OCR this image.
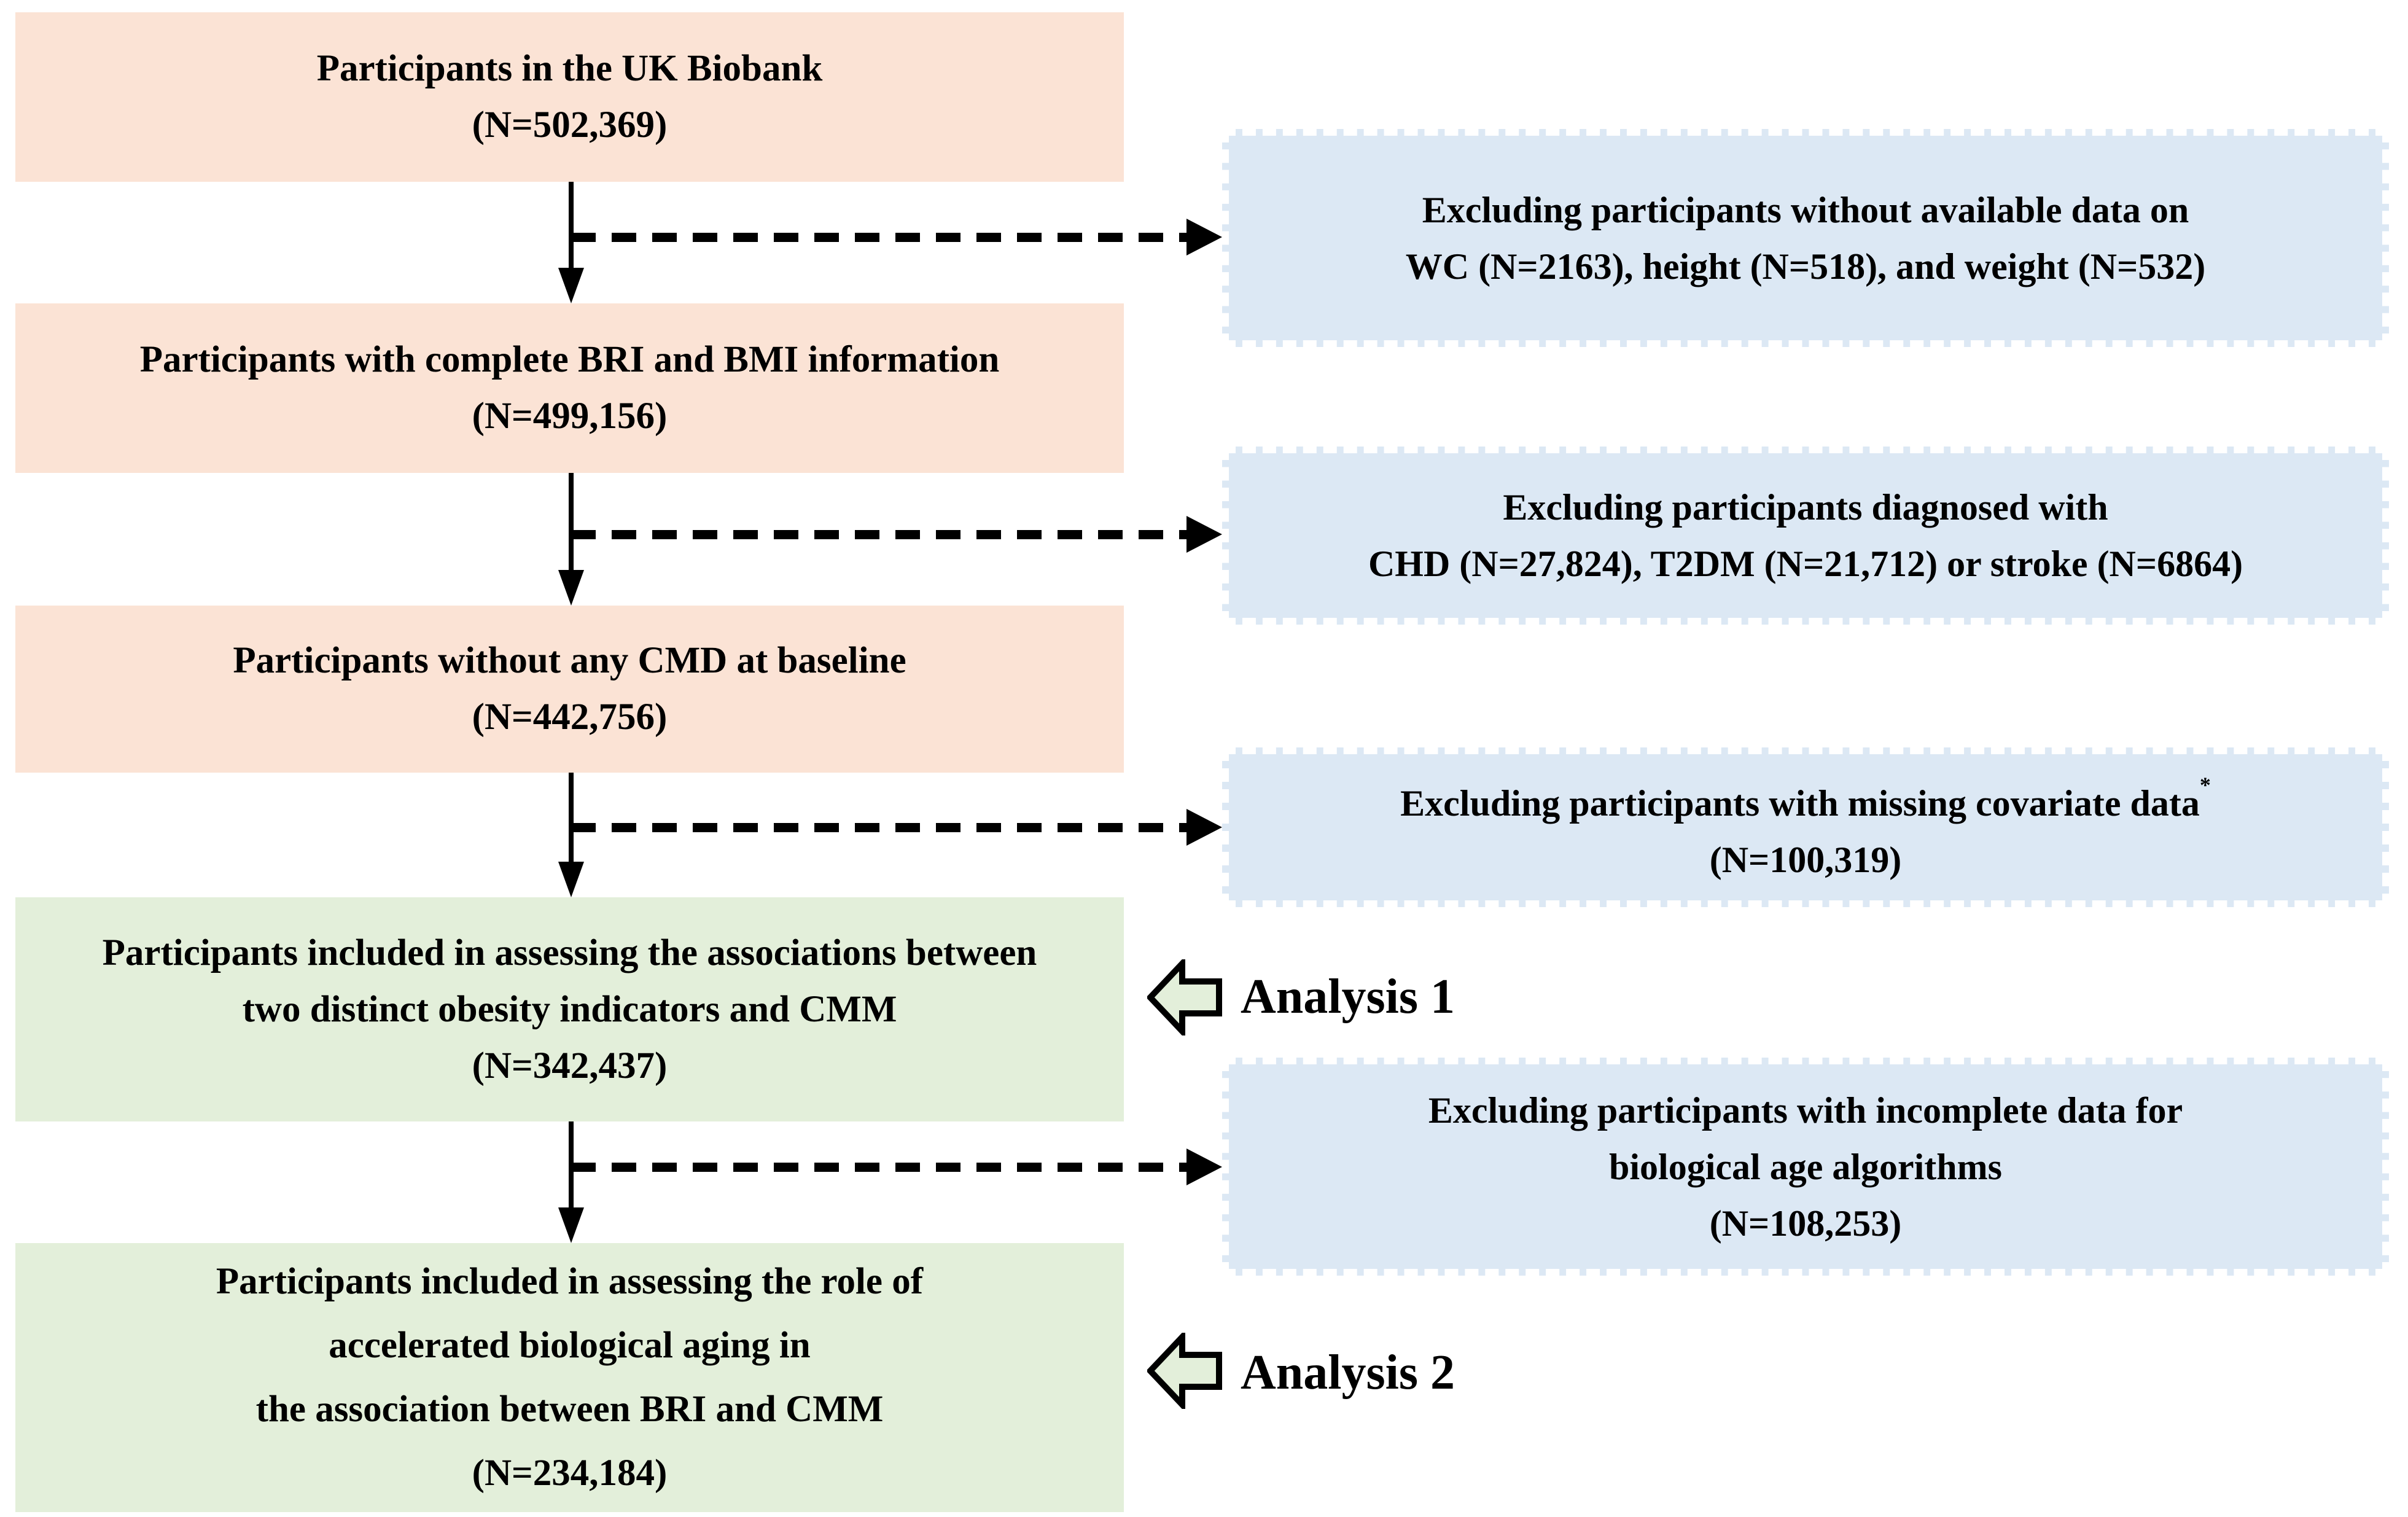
Participants in the UK Biobank
(N=502,369)
Participants with complete BRI and BMI information
(N=499,156)
Participants without any CMD at baseline
(N=442,756)
Participants included in assessing the associations between
two distinct obesity indicators and CMM
(N=342,437)
Participants included in assessing the role of
accelerated biological aging in
the association between BRI and CMM
(N=234,184)
Excluding participants without available data on
WC (N=2163), height (N=518), and weight (N=532)
Excluding participants diagnosed with
CHD (N=27,824), T2DM (N=21,712) or stroke (N=6864)
Excluding participants with missing covariate data*
(N=100,319)
Excluding participants with incomplete data for
biological age algorithms
(N=108,253)
Analysis 1
Analysis 2
